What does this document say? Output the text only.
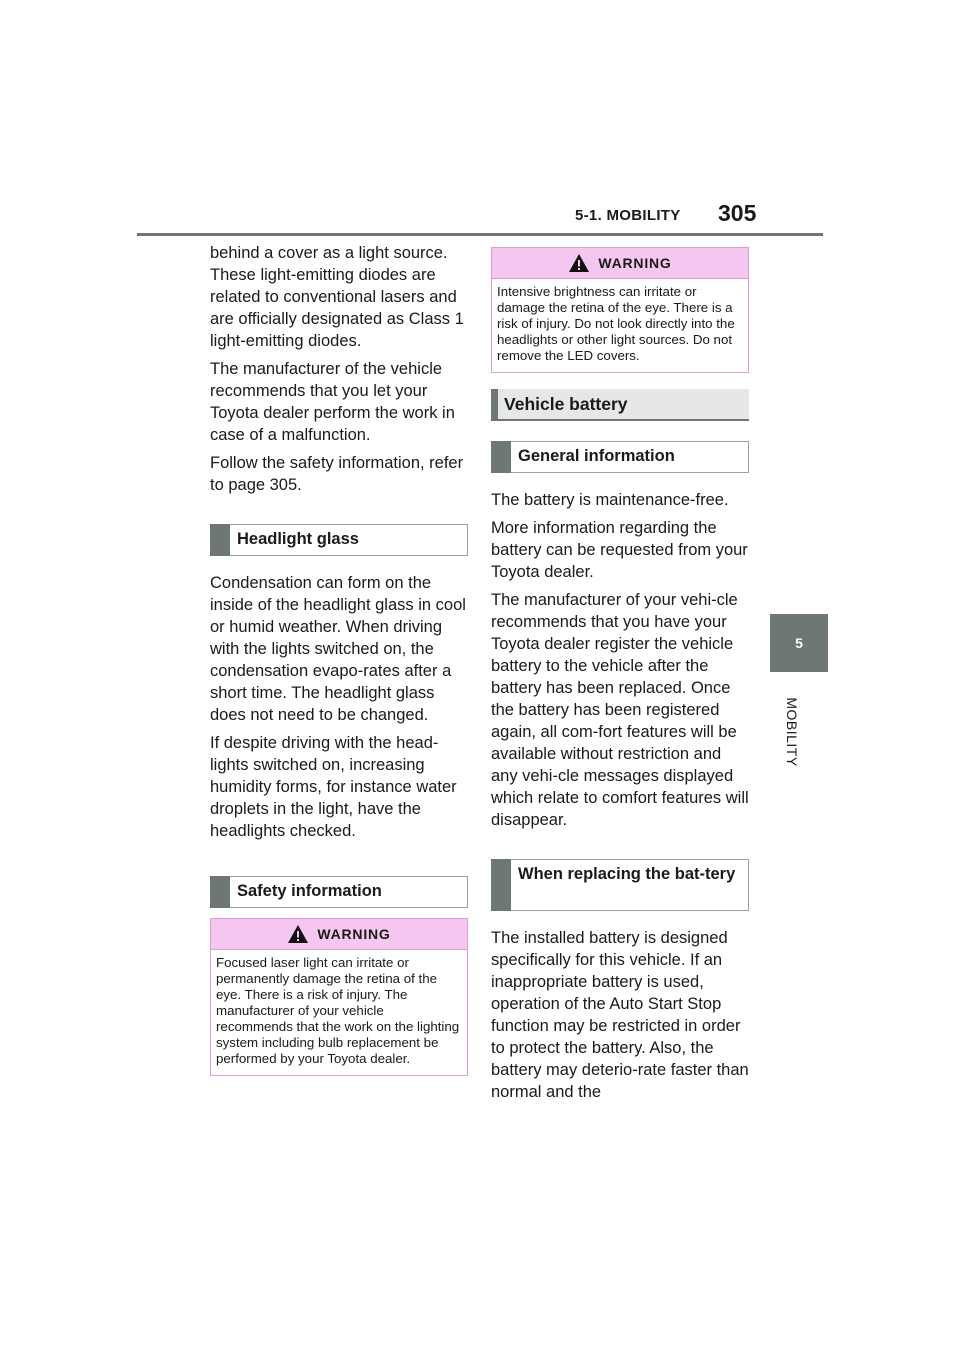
5-1. MOBILITY 305
5
MOBILITY

behind a cover as a light source. These light-emitting diodes are related to conventional lasers and are officially designated as Class 1 light-emitting diodes.

The manufacturer of the vehicle recommends that you let your Toyota dealer perform the work in case of a malfunction.

Follow the safety information, refer to page 305.

Headlight glass

Condensation can form on the inside of the headlight glass in cool or humid weather. When driving with the lights switched on, the condensation evapo-rates after a short time. The headlight glass does not need to be changed.

If despite driving with the head-lights switched on, increasing humidity forms, for instance water droplets in the light, have the headlights checked.

Safety information
WARNING
Focused laser light can irritate or permanently damage the retina of the eye. There is a risk of injury. The manufacturer of your vehicle recommends that the work on the lighting system including bulb replacement be performed by your Toyota dealer.
WARNING
Intensive brightness can irritate or damage the retina of the eye. There is a risk of injury. Do not look directly into the headlights or other light sources. Do not remove the LED covers.
Vehicle battery
General information

The battery is maintenance-free.

More information regarding the battery can be requested from your Toyota dealer.

The manufacturer of your vehi-cle recommends that you have your Toyota dealer register the vehicle battery to the vehicle after the battery has been replaced. Once the battery has been registered again, all com-fort features will be available without restriction and any vehi-cle messages displayed which relate to comfort features will disappear.

When replacing the bat-tery

The installed battery is designed specifically for this vehicle. If an inappropriate battery is used, operation of the Auto Start Stop function may be restricted in order to protect the battery. Also, the battery may deterio-rate faster than normal and the
